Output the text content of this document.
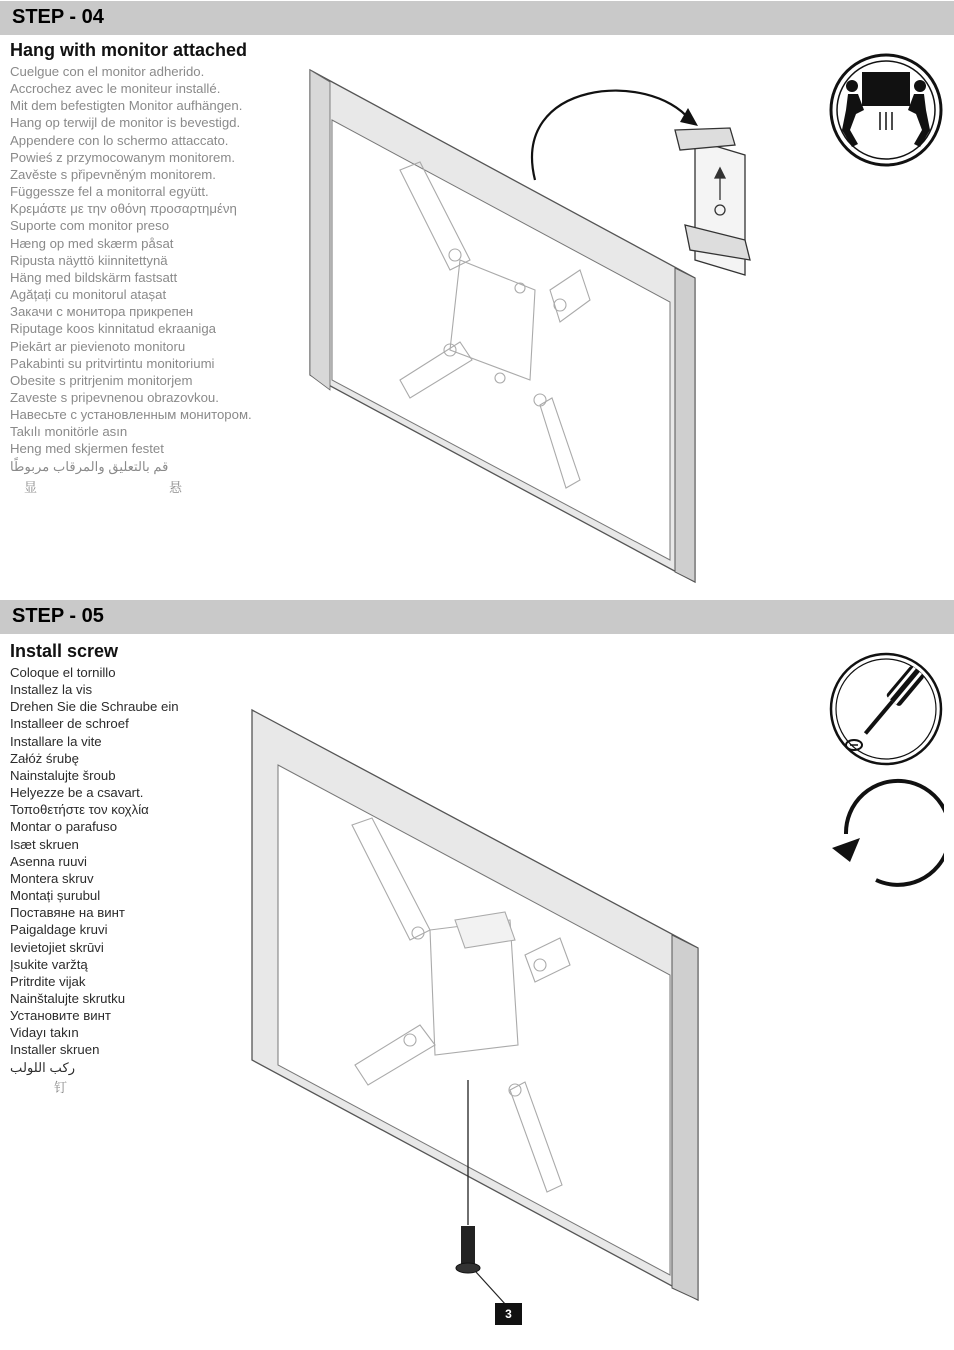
STEP - 04
Hang with monitor attached
Cuelgue con el monitor adherido.
Accrochez avec le moniteur installé.
Mit dem befestigten Monitor aufhängen.
Hang op terwijl de monitor is bevestigd.
Appendere con lo schermo attaccato.
Powieś z przymocowanym monitorem.
Zavěste s připevněným monitorem.
Függessze fel a monitorral együtt.
Κρεμάστε με την οθόνη προσαρτημένη
Suporte com monitor preso
Hæng op med skærm påsat
Ripusta näyttö kiinnitettynä
Häng med bildskärm fastsatt
Agățați cu monitorul atașat
Закачи с монитора прикрепен
Riputage koos kinnitatud ekraaniga
Piekārt ar pievienoto monitoru
Pakabinti su pritvirtintu monitoriumi
Obesite s pritrjenim monitorjem
Zaveste s pripevnenou obrazovkou.
Навесьте с установленным монитором.
Takılı monitörle asın
Heng med skjermen festet
قم بالتعليق والمرقاب مربوطًا
显	悬
STEP - 05
Install screw
Coloque el tornillo
Installez la vis
Drehen Sie die Schraube ein
Installeer de schroef
Installare la vite
Załóż śrubę
Nainstalujte šroub
Helyezze be a csavart.
Τοποθετήστε τον κοχλία
Montar o parafuso
Isæt skruen
Asenna ruuvi
Montera skruv
Montați șurubul
Поставяне на винт
Paigaldage kruvi
Ievietojiet skrūvi
Įsukite varžtą
Pritrdite vijak
Nainštalujte skrutku
Установите винт
Vidayı takın
Installer skruen
ركب اللولب
钉
3
